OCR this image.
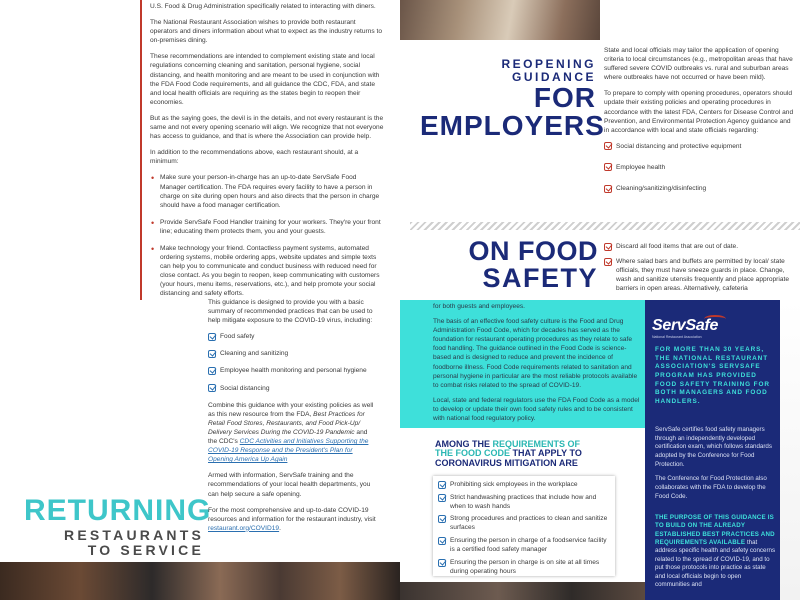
U.S. Food & Drug Administration specifically related to interacting with diners.

The National Restaurant Association wishes to provide both restaurant operators and diners information about what to expect as the industry returns to on-premises dining.

These recommendations are intended to complement existing state and local regulations concerning cleaning and sanitation, personal hygiene, social distancing, and health monitoring and are meant to be used in conjunction with the FDA Food Code requirements, and all guidance the CDC, FDA, and state and local health officials are requiring as the states begin to reopen their economies.

But as the saying goes, the devil is in the details, and not every restaurant is the same and not every opening scenario will align. We recognize that not everyone has access to guidance, and that is where the Association can provide help.

In addition to the recommendations above, each restaurant should, at a minimum:

• Make sure your person-in-charge has an up-to-date ServSafe Food Manager certification. The FDA requires every facility to have a person in charge on site during open hours and also directs that the person in charge should have a food manager certification.
• Provide ServSafe Food Handler training for your workers. They're your front line; educating them protects them, you and your guests.
• Make technology your friend. Contactless payment systems, automated ordering systems, mobile ordering apps, website updates and simple texts can help you to communicate and conduct business with reduced need for close contact. As you begin to reopen, keep communicating with customers (your hours, menu items, reservations, etc.), and help promote your social distancing and safety efforts.

This guidance is designed to provide you with a basic summary of recommended practices that can be used to help mitigate exposure to the COVID-19 virus, including:

Food safety
Cleaning and sanitizing
Employee health monitoring and personal hygiene
Social distancing

Combine this guidance with your existing policies as well as this new resource from the FDA, Best Practices for Retail Food Stores, Restaurants, and Food Pick-Up/ Delivery Services During the COVID-19 Pandemic and the CDC's CDC Activities and Initiatives Supporting the COVID-19 Response and the President's Plan for Opening America Up Again

Armed with information, ServSafe training and the recommendations of your local health departments, you can help secure a safe opening.

For the most comprehensive and up-to-date COVID-19 resources and information for the restaurant industry, visit restaurant.org/COVID19.

RETURNING
RESTAURANTS
TO SERVICE
REOPENING
GUIDANCE
FOR
EMPLOYERS

State and local officials may tailor the application of opening criteria to local circumstances (e.g., metropolitan areas that have suffered severe COVID outbreaks vs. rural and suburban areas where outbreaks have not occurred or have been mild).

To prepare to comply with opening procedures, operators should update their existing policies and operating procedures in accordance with the latest FDA, Centers for Disease Control and Prevention, and Environmental Protection Agency guidance and in accordance with local and state officials regarding:

Social distancing and protective equipment
Employee health
Cleaning/sanitizing/disinfecting
ON FOOD
SAFETY
Discard all food items that are out of date.
Where salad bars and buffets are permitted by local/ state officials, they must have sneeze guards in place. Change, wash and sanitize utensils frequently and place appropriate barriers in open areas. Alternatively, cafeteria

for both guests and employees.

The basis of an effective food safety culture is the Food and Drug Administration Food Code, which for decades has served as the foundation for restaurant operating procedures as they relate to safe food handling. The guidance outlined in the Food Code is science-based and is designed to reduce and prevent the incidence of foodborne illness. Food Code requirements related to sanitation and personal hygiene in particular are the most reliable protocols available to combat risks related to the spread of COVID-19.

Local, state and federal regulators use the FDA Food Code as a model to develop or update their own food safety rules and to be consistent with national food regulatory policy.

AMONG THE REQUIREMENTS OF
THE FOOD CODE THAT APPLY TO
CORONAVIRUS MITIGATION ARE
Prohibiting sick employees in the workplace
Strict handwashing practices that include how and when to wash hands
Strong procedures and practices to clean and sanitize surfaces
Ensuring the person in charge of a foodservice facility is a certified food safety manager
Ensuring the person in charge is on site at all times during operating hours
ServSafe
National Restaurant Association
FOR MORE THAN 30 YEARS, THE NATIONAL RESTAURANT ASSOCIATION'S SERVSAFE PROGRAM HAS PROVIDED FOOD SAFETY TRAINING FOR BOTH MANAGERS AND FOOD HANDLERS.

ServSafe certifies food safety managers through an independently developed certification exam, which follows standards adopted by the Conference for Food Protection.

The Conference for Food Protection also collaborates with the FDA to develop the Food Code.

THE PURPOSE OF THIS GUIDANCE IS TO BUILD ON THE ALREADY ESTABLISHED BEST PRACTICES AND REQUIREMENTS AVAILABLE that address specific health and safety concerns related to the spread of COVID-19, and to put those protocols into practice as state and local officials begin to open communities and
